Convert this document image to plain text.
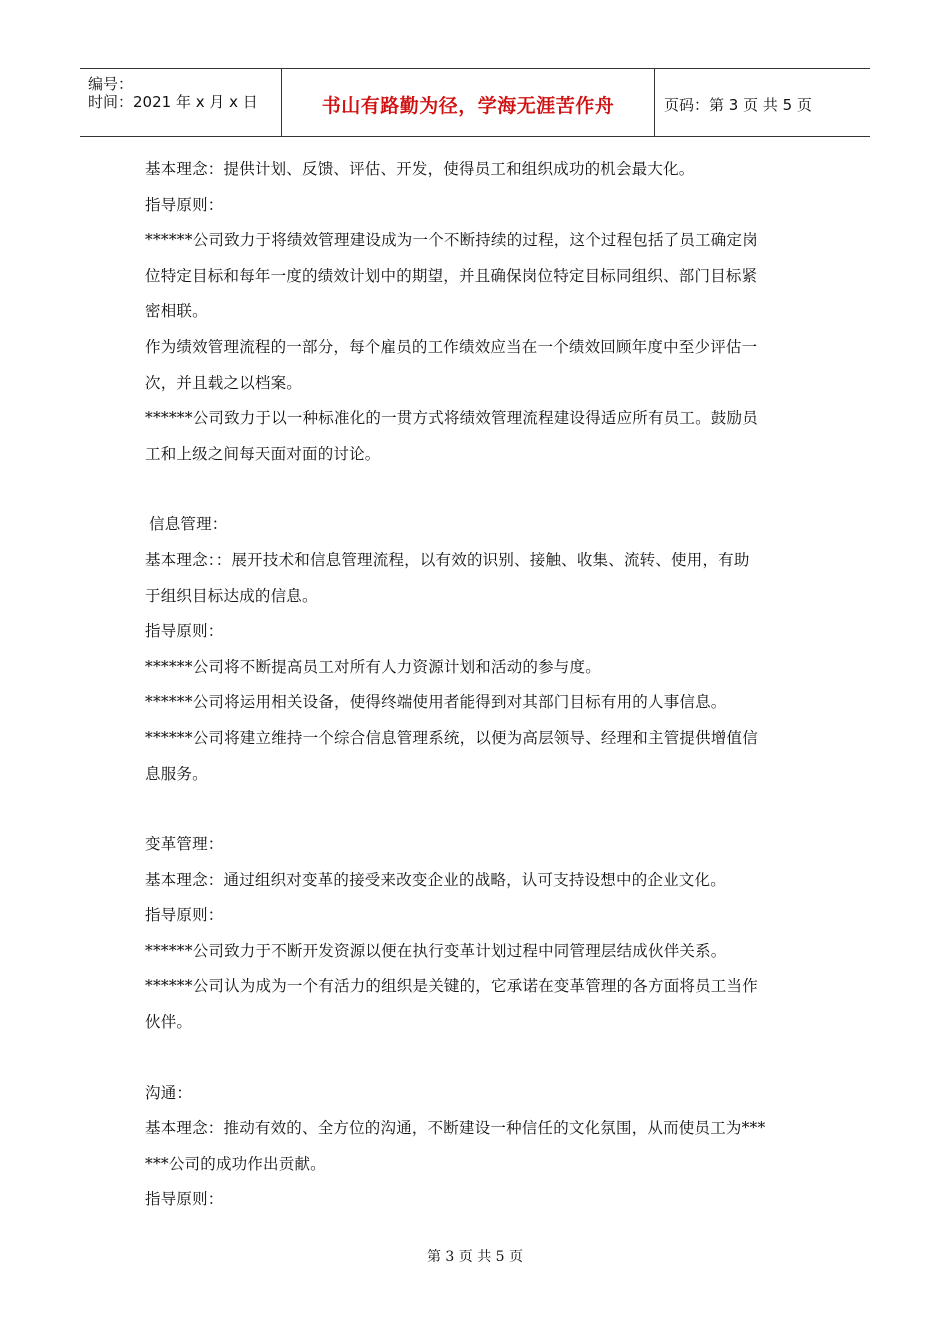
编号：
时间：2021 年 x 月 x 日	书山有路勤为径，学海无涯苦作舟	页码：第 3 页 共 5 页
基本理念：提供计划、反馈、评估、开发，使得员工和组织成功的机会最大化。
指导原则：
******公司致力于将绩效管理建设成为一个不断持续的过程，这个过程包括了员工确定岗
位特定目标和每年一度的绩效计划中的期望，并且确保岗位特定目标同组织、部门目标紧
密相联。
作为绩效管理流程的一部分，每个雇员的工作绩效应当在一个绩效回顾年度中至少评估一
次，并且载之以档案。
******公司致力于以一种标准化的一贯方式将绩效管理流程建设得适应所有员工。鼓励员
工和上级之间每天面对面的讨论。
信息管理：
基本理念：：展开技术和信息管理流程，以有效的识别、接触、收集、流转、使用，有助
于组织目标达成的信息。
指导原则：
******公司将不断提高员工对所有人力资源计划和活动的参与度。
******公司将运用相关设备，使得终端使用者能得到对其部门目标有用的人事信息。
******公司将建立维持一个综合信息管理系统，以便为高层领导、经理和主管提供增值信
息服务。
变革管理：
基本理念：通过组织对变革的接受来改变企业的战略，认可支持设想中的企业文化。
指导原则：
******公司致力于不断开发资源以便在执行变革计划过程中同管理层结成伙伴关系。
******公司认为成为一个有活力的组织是关键的，它承诺在变革管理的各方面将员工当作
伙伴。
沟通：
基本理念：推动有效的、全方位的沟通，不断建设一种信任的文化氛围，从而使员工为***
***公司的成功作出贡献。
指导原则：
第 3 页 共 5 页
